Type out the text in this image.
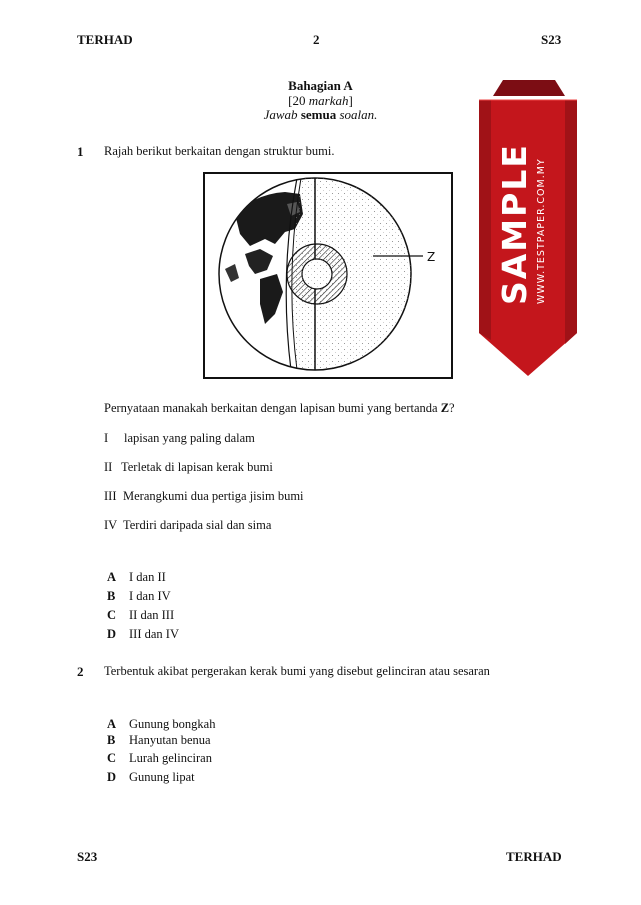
TERHAD	2	S23
Bahagian A
[20 markah]
Jawab semua soalan.
SAMPLE WWW.TESTPAPER.COM.MY
1 Rajah berikut berkaitan dengan struktur bumi.
Z
Pernyataan manakah berkaitan dengan lapisan bumi yang bertanda Z?
I lapisan yang paling dalam
II Terletak di lapisan kerak bumi
III Merangkumi dua pertiga jisim bumi
IV Terdiri daripada sial dan sima
A I dan II
B I dan IV
C II dan III
D III dan IV
2 Terbentuk akibat pergerakan kerak bumi yang disebut gelinciran atau sesaran
A Gunung bongkah
B Hanyutan benua
C Lurah gelinciran
D Gunung lipat
S23	TERHAD
